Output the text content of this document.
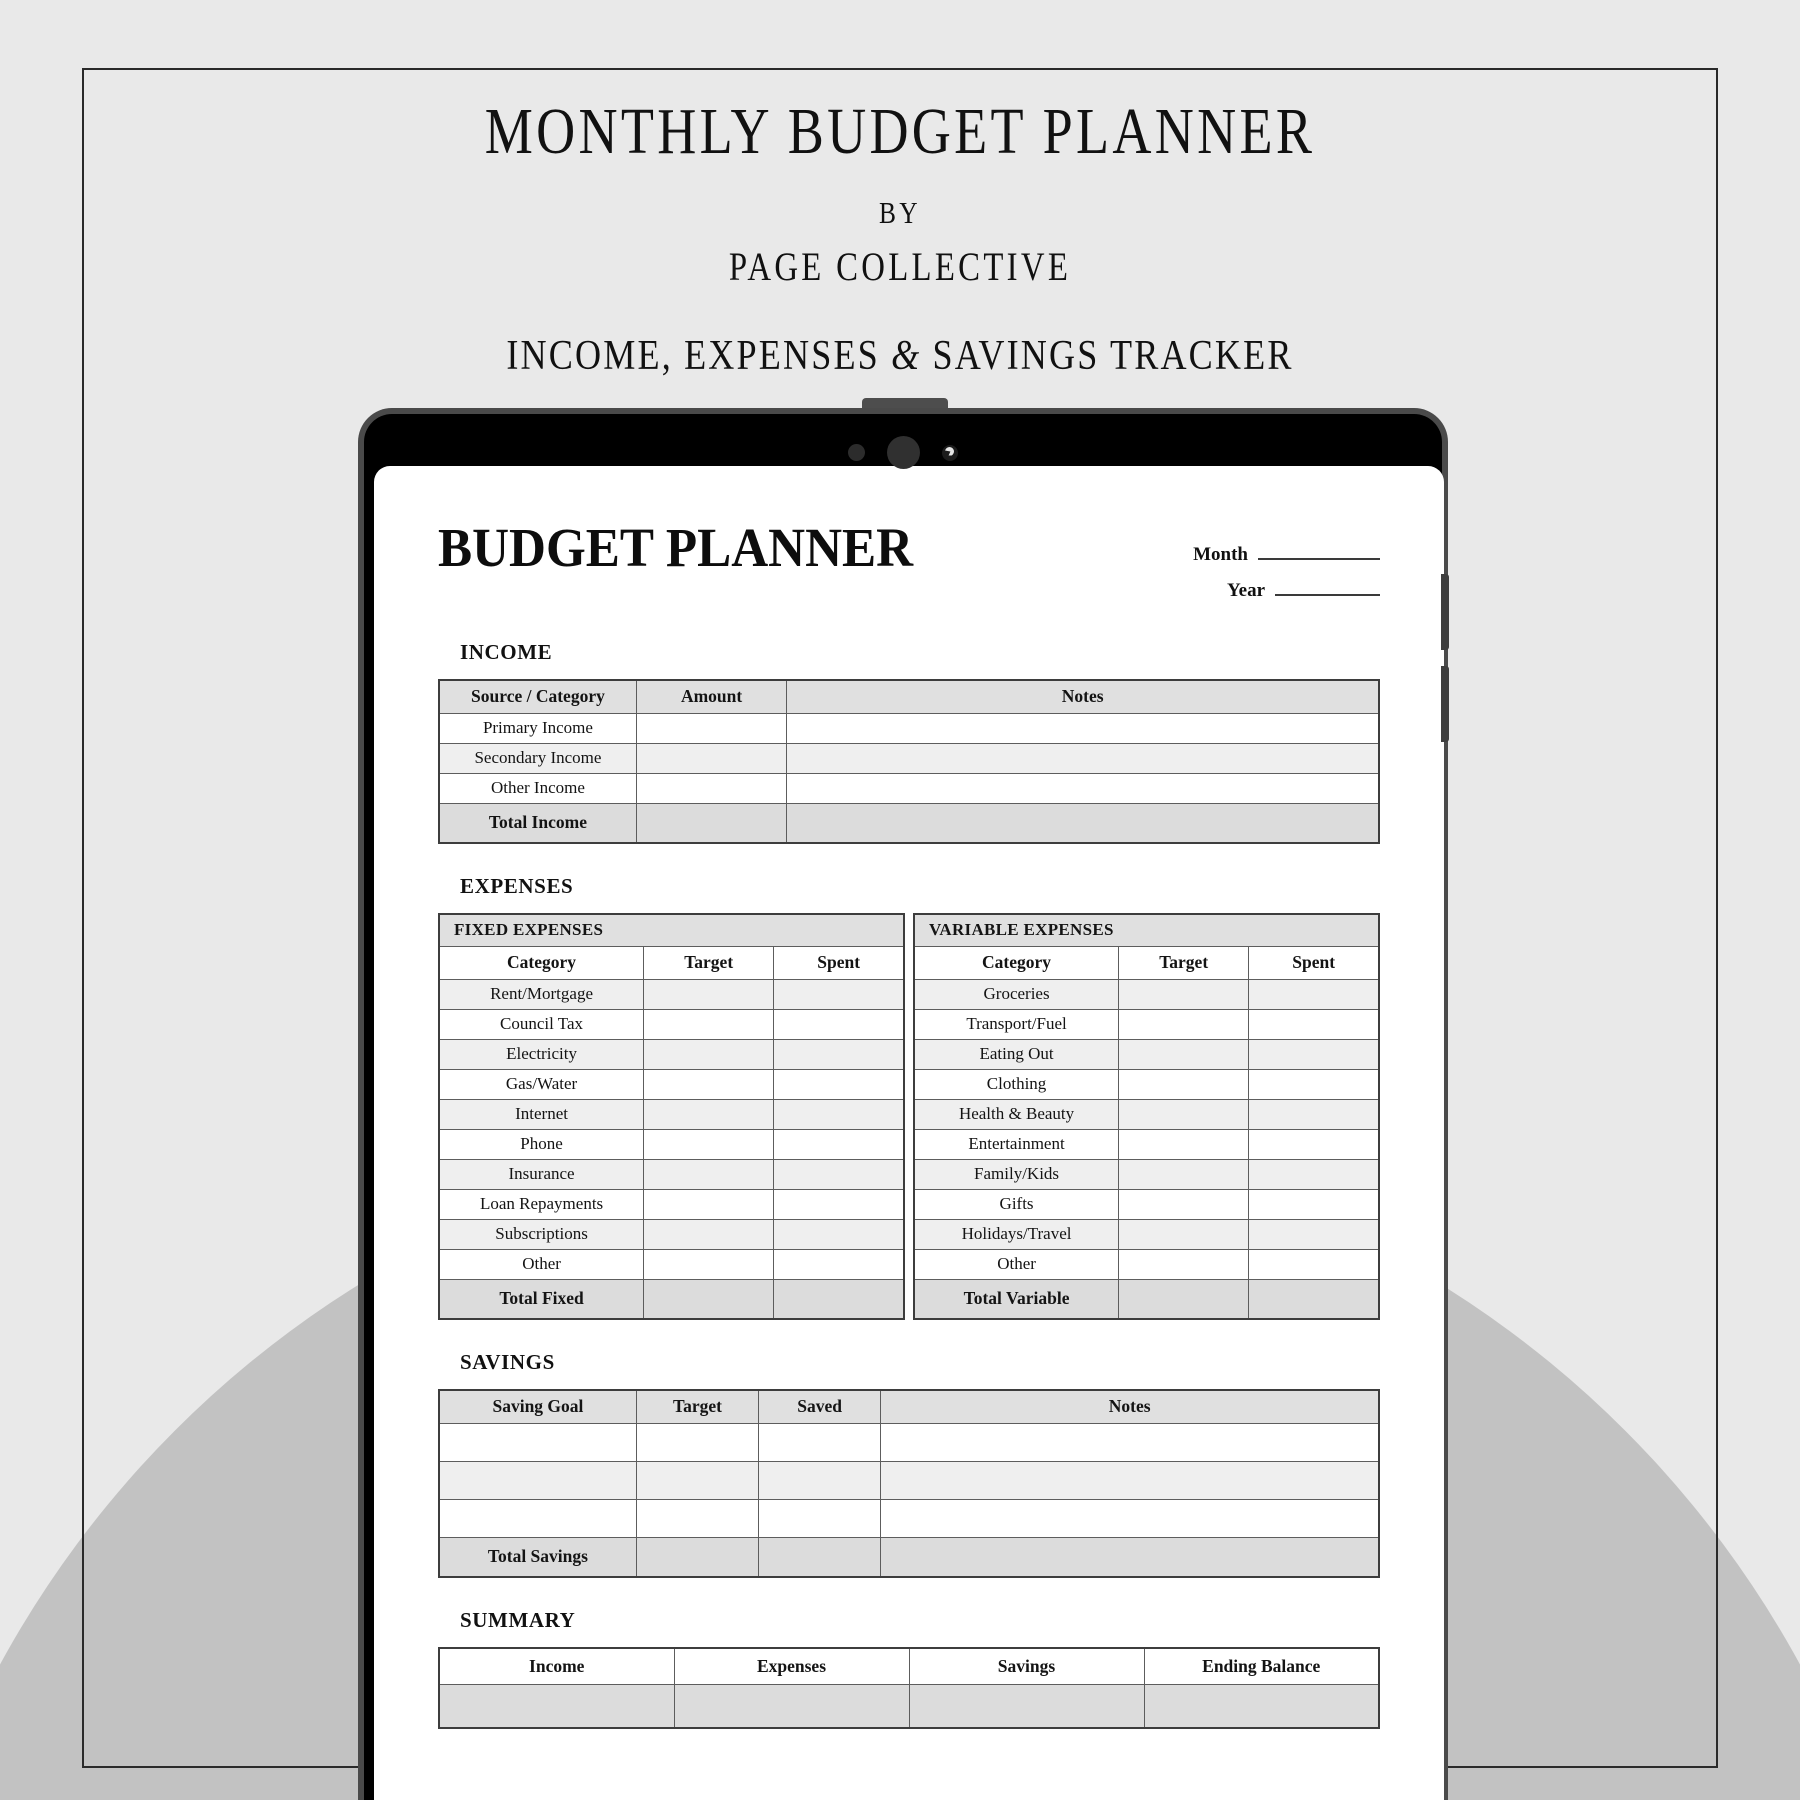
MONTHLY BUDGET PLANNER
BY
PAGE COLLECTIVE
INCOME, EXPENSES & SAVINGS TRACKER
BUDGET PLANNER	Month
Year
INCOME
Source / Category	Amount	Notes
Primary Income		
Secondary Income		
Other Income		
Total Income		
EXPENSES
FIXED EXPENSES		
Category	Target	Spent
Rent/Mortgage		
Council Tax		
Electricity		
Gas/Water		
Internet		
Phone		
Insurance		
Loan Repayments		
Subscriptions		
Other		
Total Fixed		
VARIABLE EXPENSES		
Category	Target	Spent
Groceries		
Transport/Fuel		
Eating Out		
Clothing		
Health & Beauty		
Entertainment		
Family/Kids		
Gifts		
Holidays/Travel		
Other		
Total Variable		
SAVINGS
Saving Goal	Target	Saved	Notes

Total Savings			
SUMMARY
Income	Expenses	Savings	Ending Balance
